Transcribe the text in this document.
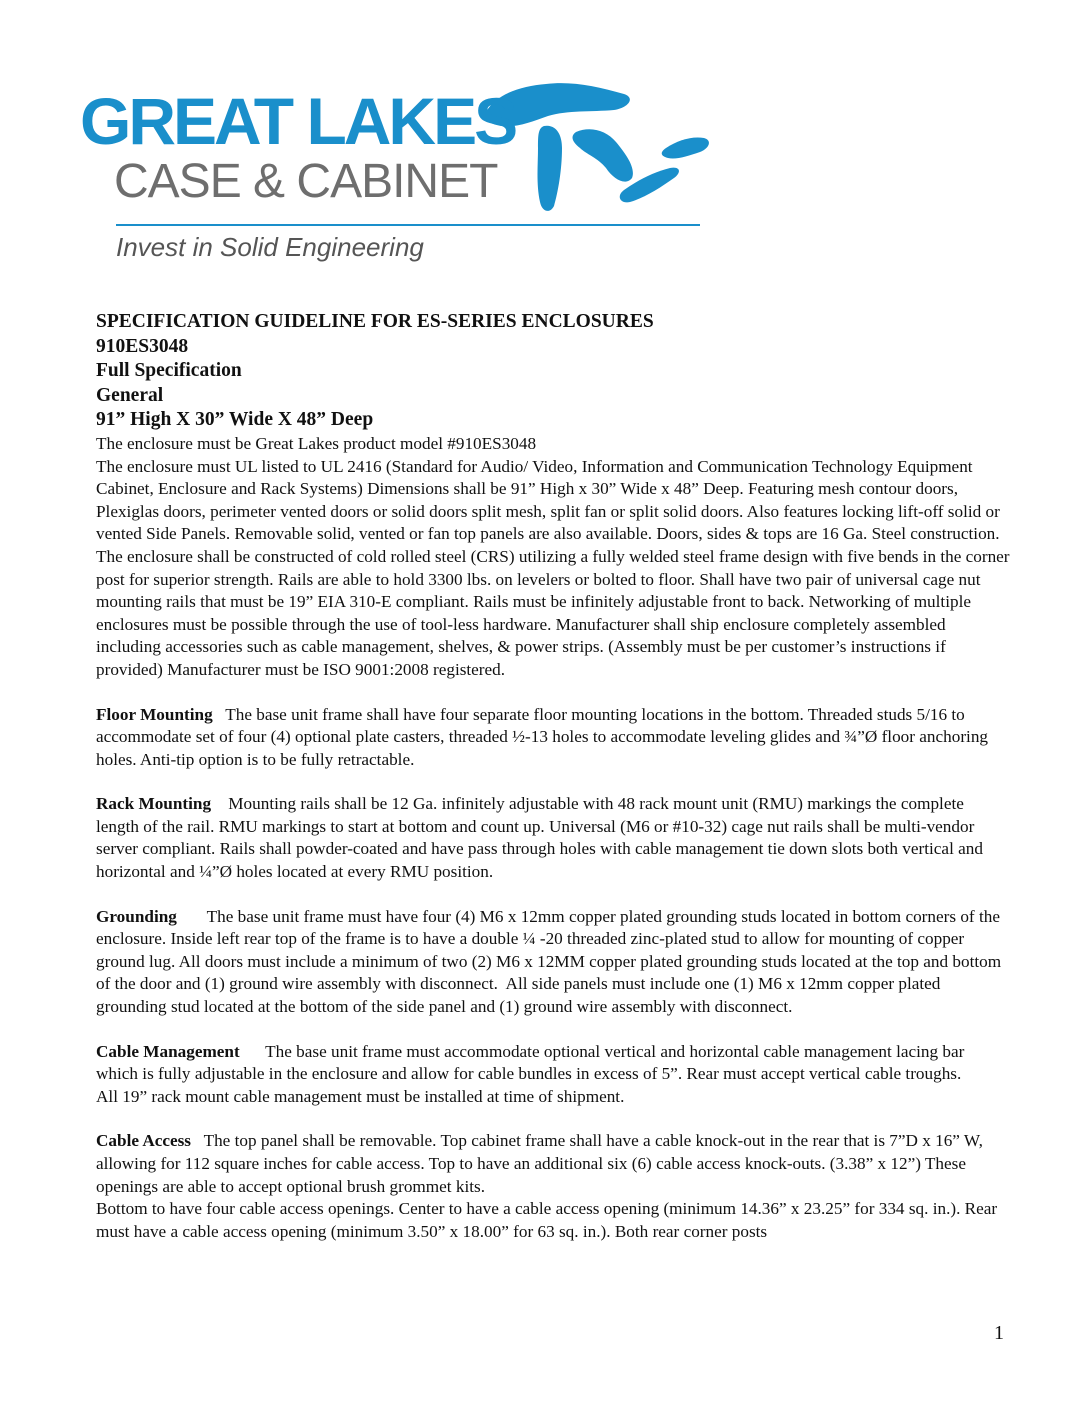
GREAT LAKES
CASE & CABINET
Invest in Solid Engineering
SPECIFICATION GUIDELINE FOR ES-SERIES ENCLOSURES
910ES3048
Full Specification
General
91” High X 30” Wide X 48” Deep

The enclosure must be Great Lakes product model #910ES3048

The enclosure must UL listed to UL 2416 (Standard for Audio/ Video, Information and Communication Technology Equipment Cabinet, Enclosure and Rack Systems) Dimensions shall be 91” High x 30” Wide x 48” Deep. Featuring mesh contour doors, Plexiglas doors, perimeter vented doors or solid doors split mesh, split fan or split solid doors. Also features locking lift-off solid or vented Side Panels. Removable solid, vented or fan top panels are also available. Doors, sides & tops are 16 Ga. Steel construction. The enclosure shall be constructed of cold rolled steel (CRS) utilizing a fully welded steel frame design with five bends in the corner post for superior strength. Rails are able to hold 3300 lbs. on levelers or bolted to floor. Shall have two pair of universal cage nut mounting rails that must be 19” EIA 310-E compliant. Rails must be infinitely adjustable front to back. Networking of multiple enclosures must be possible through the use of tool-less hardware. Manufacturer shall ship enclosure completely assembled including accessories such as cable management, shelves, & power strips. (Assembly must be per customer’s instructions if provided) Manufacturer must be ISO 9001:2008 registered.

Floor Mounting   The base unit frame shall have four separate floor mounting locations in the bottom. Threaded studs 5/16 to accommodate set of four (4) optional plate casters, threaded ½-13 holes to accommodate leveling glides and ¾”Ø floor anchoring holes. Anti-tip option is to be fully retractable.

Rack Mounting    Mounting rails shall be 12 Ga. infinitely adjustable with 48 rack mount unit (RMU) markings the complete length of the rail. RMU markings to start at bottom and count up. Universal (M6 or #10-32) cage nut rails shall be multi-vendor server compliant. Rails shall powder-coated and have pass through holes with cable management tie down slots both vertical and horizontal and ¼”Ø holes located at every RMU position.

Grounding       The base unit frame must have four (4) M6 x 12mm copper plated grounding studs located in bottom corners of the enclosure. Inside left rear top of the frame is to have a double ¼ -20 threaded zinc-plated stud to allow for mounting of copper ground lug. All doors must include a minimum of two (2) M6 x 12MM copper plated grounding studs located at the top and bottom of the door and (1) ground wire assembly with disconnect.  All side panels must include one (1) M6 x 12mm copper plated grounding stud located at the bottom of the side panel and (1) ground wire assembly with disconnect.

Cable Management      The base unit frame must accommodate optional vertical and horizontal cable management lacing bar which is fully adjustable in the enclosure and allow for cable bundles in excess of 5”. Rear must accept vertical cable troughs.

All 19” rack mount cable management must be installed at time of shipment.

Cable Access   The top panel shall be removable. Top cabinet frame shall have a cable knock-out in the rear that is 7”D x 16” W, allowing for 112 square inches for cable access. Top to have an additional six (6) cable access knock-outs. (3.38” x 12”) These openings are able to accept optional brush grommet kits.

Bottom to have four cable access openings. Center to have a cable access opening (minimum 14.36” x 23.25” for 334 sq. in.). Rear must have a cable access opening (minimum 3.50” x 18.00” for 63 sq. in.). Both rear corner posts

1
